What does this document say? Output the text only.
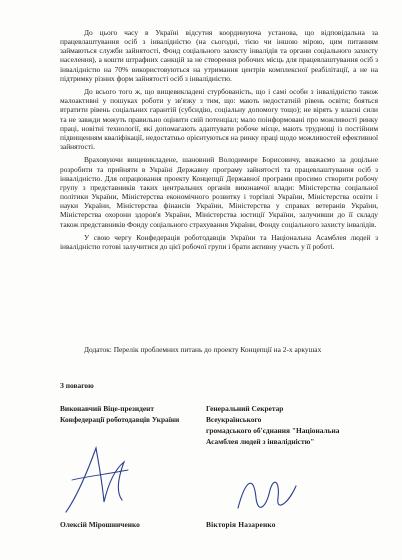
До цього часу в Україні відсутня координуюча установа, що відповідальна за працевлаштування осіб з інвалідністю (на сьогодні, тією чи іншою мірою, цим питанням займаються служби зайнятості, Фонд соціального захисту інвалідів та органи соціального захисту населення), а кошти штрафних санкцій за не створення робочих місць для працевлаштування осіб з інвалідністю на 70% використовуються на утримання центрів комплексної реабілітації, а не на підтримку різних форм зайнятості осіб з інвалідністю.

До всього того ж, що вищевикладені стурбованість, що і самі особи з інвалідністю також малоактивні у пошуках роботи у зв'язку з тим, що: мають недостатній рівень освіти; бояться втратити рівень соціальних гарантій (субсидію, соціальну допомогу тощо); не вірять у власні сили та не завжди можуть правильно оцінити свій потенціал; мало поінформовані про можливості ринку праці, новітні технології, які допомагають адаптувати робоче місце, мають труднощі із постійним підвищенням кваліфікації, недостатньо орієнтуються на ринку праці щодо можливостей ефективної зайнятості.

Враховуючи вищевикладене, шановний Володимире Борисовичу, вважаємо за доцільне розробити та прийняти в Україні Державну програму зайнятості та працевлаштування осіб з інвалідністю. Для опрацювання проекту Концепції Державної програми просимо створити робочу групу з представників таких центральних органів виконавчої влади: Міністерства соціальної політики України, Міністерства економічного розвитку і торгівлі України, Міністерства освіти і науки України, Міністерства фінансів України, Міністерства у справах ветеранів України, Міністерства охорони здоров'я України, Міністерства юстиції України, залучивши до її складу також представників Фонду соціального страхування України, Фонду соціального захисту інвалідів.

У свою чергу Конфедерація роботодавців України та Національна Асамблея людей з інвалідністю готові залучитися до цієї робочої групи і брати активну участь у її роботі.

Додаток: Перелік проблемних питань до проекту Концепції на 2-х аркушах
З повагою
Виконавчий Віце-президент
Конфедерації роботодавців України
Генеральний Секретар
Всеукраїнського
громадського об'єднання "Національна
Асамблея людей з інвалідністю"
Олексій Мірошниченко	Вікторія Назаренко
